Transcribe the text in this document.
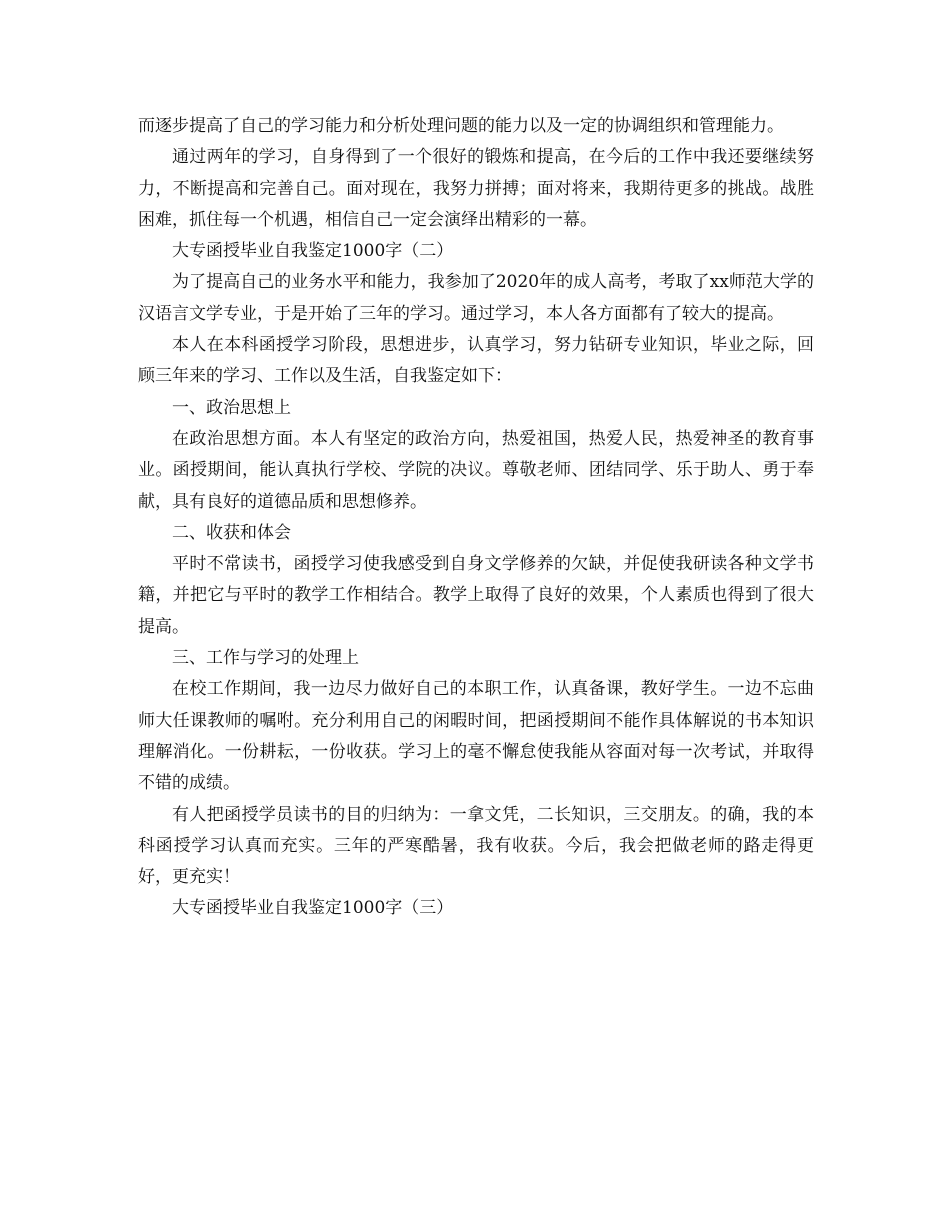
而逐步提高了自己的学习能力和分析处理问题的能力以及一定的协调组织和管理能力。

通过两年的学习，自身得到了一个很好的锻炼和提高，在今后的工作中我还要继续努力，不断提高和完善自己。面对现在，我努力拼搏；面对将来，我期待更多的挑战。战胜困难，抓住每一个机遇，相信自己一定会演绎出精彩的一幕。

大专函授毕业自我鉴定1000字（二）

为了提高自己的业务水平和能力，我参加了2020年的成人高考，考取了xx师范大学的汉语言文学专业，于是开始了三年的学习。通过学习，本人各方面都有了较大的提高。

本人在本科函授学习阶段，思想进步，认真学习，努力钻研专业知识，毕业之际，回顾三年来的学习、工作以及生活，自我鉴定如下：

一、政治思想上

在政治思想方面。本人有坚定的政治方向，热爱祖国，热爱人民，热爱神圣的教育事业。函授期间，能认真执行学校、学院的决议。尊敬老师、团结同学、乐于助人、勇于奉献，具有良好的道德品质和思想修养。

二、收获和体会

平时不常读书，函授学习使我感受到自身文学修养的欠缺，并促使我研读各种文学书籍，并把它与平时的教学工作相结合。教学上取得了良好的效果，个人素质也得到了很大提高。

三、工作与学习的处理上

在校工作期间，我一边尽力做好自己的本职工作，认真备课，教好学生。一边不忘曲师大任课教师的嘱咐。充分利用自己的闲暇时间，把函授期间不能作具体解说的书本知识理解消化。一份耕耘，一份收获。学习上的毫不懈怠使我能从容面对每一次考试，并取得不错的成绩。

有人把函授学员读书的目的归纳为：一拿文凭，二长知识，三交朋友。的确，我的本科函授学习认真而充实。三年的严寒酷暑，我有收获。今后，我会把做老师的路走得更好，更充实！

大专函授毕业自我鉴定1000字（三）
